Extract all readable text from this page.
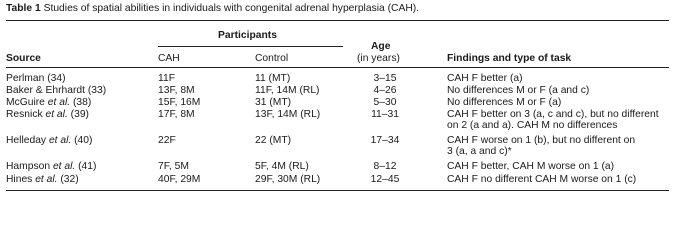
Table 1 Studies of spatial abilities in individuals with congenital adrenal hyperplasia (CAH).
Participants
Age
(in years)
Source	CAH	Control	Findings and type of task
Perlman (34)	11F	11 (MT)	3–15	CAH F better (a)
Baker & Ehrhardt (33)	13F, 8M	11F, 14M (RL)	4–26	No differences M or F (a and c)
McGuire et al. (38)	15F, 16M	31 (MT)	5–30	No differences M or F (a)
Resnick et al. (39)	17F, 8M	13F, 14M (RL)	11–31	CAH F better on 3 (a, c and c), but no different
on 2 (a and a). CAH M no differences
Helleday et al. (40)	22F	22 (MT)	17–34	CAH F worse on 1 (b), but no different on
3 (a, a and c)*
Hampson et al. (41)	7F, 5M	5F, 4M (RL)	8–12	CAH F better, CAH M worse on 1 (a)
Hines et al. (32)	40F, 29M	29F, 30M (RL)	12–45	CAH F no different CAH M worse on 1 (c)
